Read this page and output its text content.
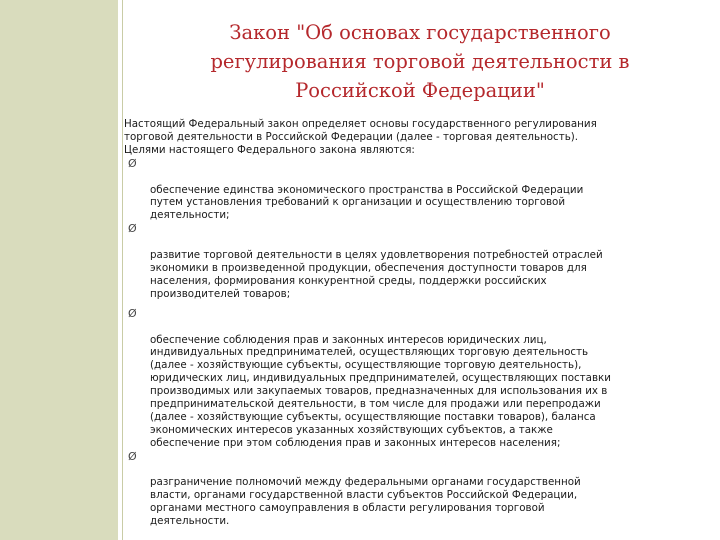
Закон "Об основах государственного
регулирования торговой деятельности в
Российской Федерации"

Настоящий Федеральный закон определяет основы государственного регулирования
торговой деятельности в Российской Федерации (далее - торговая деятельность).
Целями настоящего Федерального закона являются:

Ø

обеспечение единства экономического пространства в Российской Федерации
путем установления требований к организации и осуществлению торговой
деятельности;

Ø

развитие торговой деятельности в целях удовлетворения потребностей отраслей
экономики в произведенной продукции, обеспечения доступности товаров для
населения, формирования конкурентной среды, поддержки российских
производителей товаров;

Ø

обеспечение соблюдения прав и законных интересов юридических лиц,
индивидуальных предпринимателей, осуществляющих торговую деятельность
(далее - хозяйствующие субъекты, осуществляющие торговую деятельность),
юридических лиц, индивидуальных предпринимателей, осуществляющих поставки
производимых или закупаемых товаров, предназначенных для использования их в
предпринимательской деятельности, в том числе для продажи или перепродажи
(далее - хозяйствующие субъекты, осуществляющие поставки товаров), баланса
экономических интересов указанных хозяйствующих субъектов, а также
обеспечение при этом соблюдения прав и законных интересов населения;

Ø

разграничение полномочий между федеральными органами государственной
власти, органами государственной власти субъектов Российской Федерации,
органами местного самоуправления в области регулирования торговой
деятельности.
